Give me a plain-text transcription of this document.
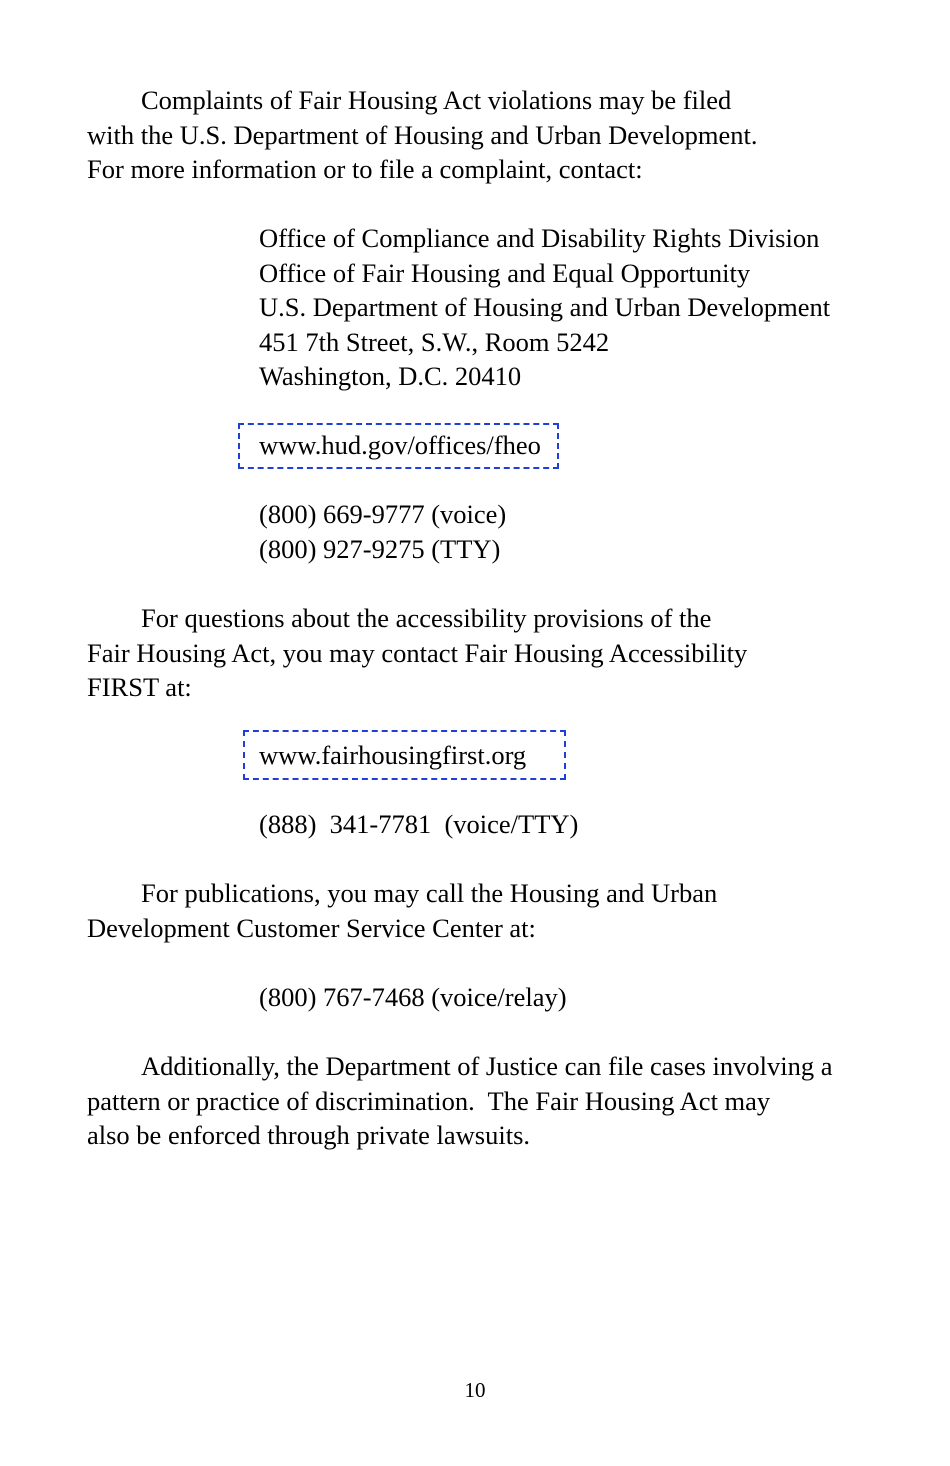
Complaints of Fair Housing Act violations may be filed
with the U.S. Department of Housing and Urban Development.
For more information or to file a complaint, contact:

Office of Compliance and Disability Rights Division
Office of Fair Housing and Equal Opportunity
U.S. Department of Housing and Urban Development
451 7th Street, S.W., Room 5242
Washington, D.C. 20410
www.hud.gov/offices/fheo
(800) 669-9777 (voice)
(800) 927-9275 (TTY)

For questions about the accessibility provisions of the
Fair Housing Act, you may contact Fair Housing Accessibility
FIRST at:

www.fairhousingfirst.org
(888)  341-7781  (voice/TTY)

For publications, you may call the Housing and Urban
Development Customer Service Center at:

(800) 767-7468 (voice/relay)

Additionally, the Department of Justice can file cases involving a
pattern or practice of discrimination.  The Fair Housing Act may
also be enforced through private lawsuits.

10
